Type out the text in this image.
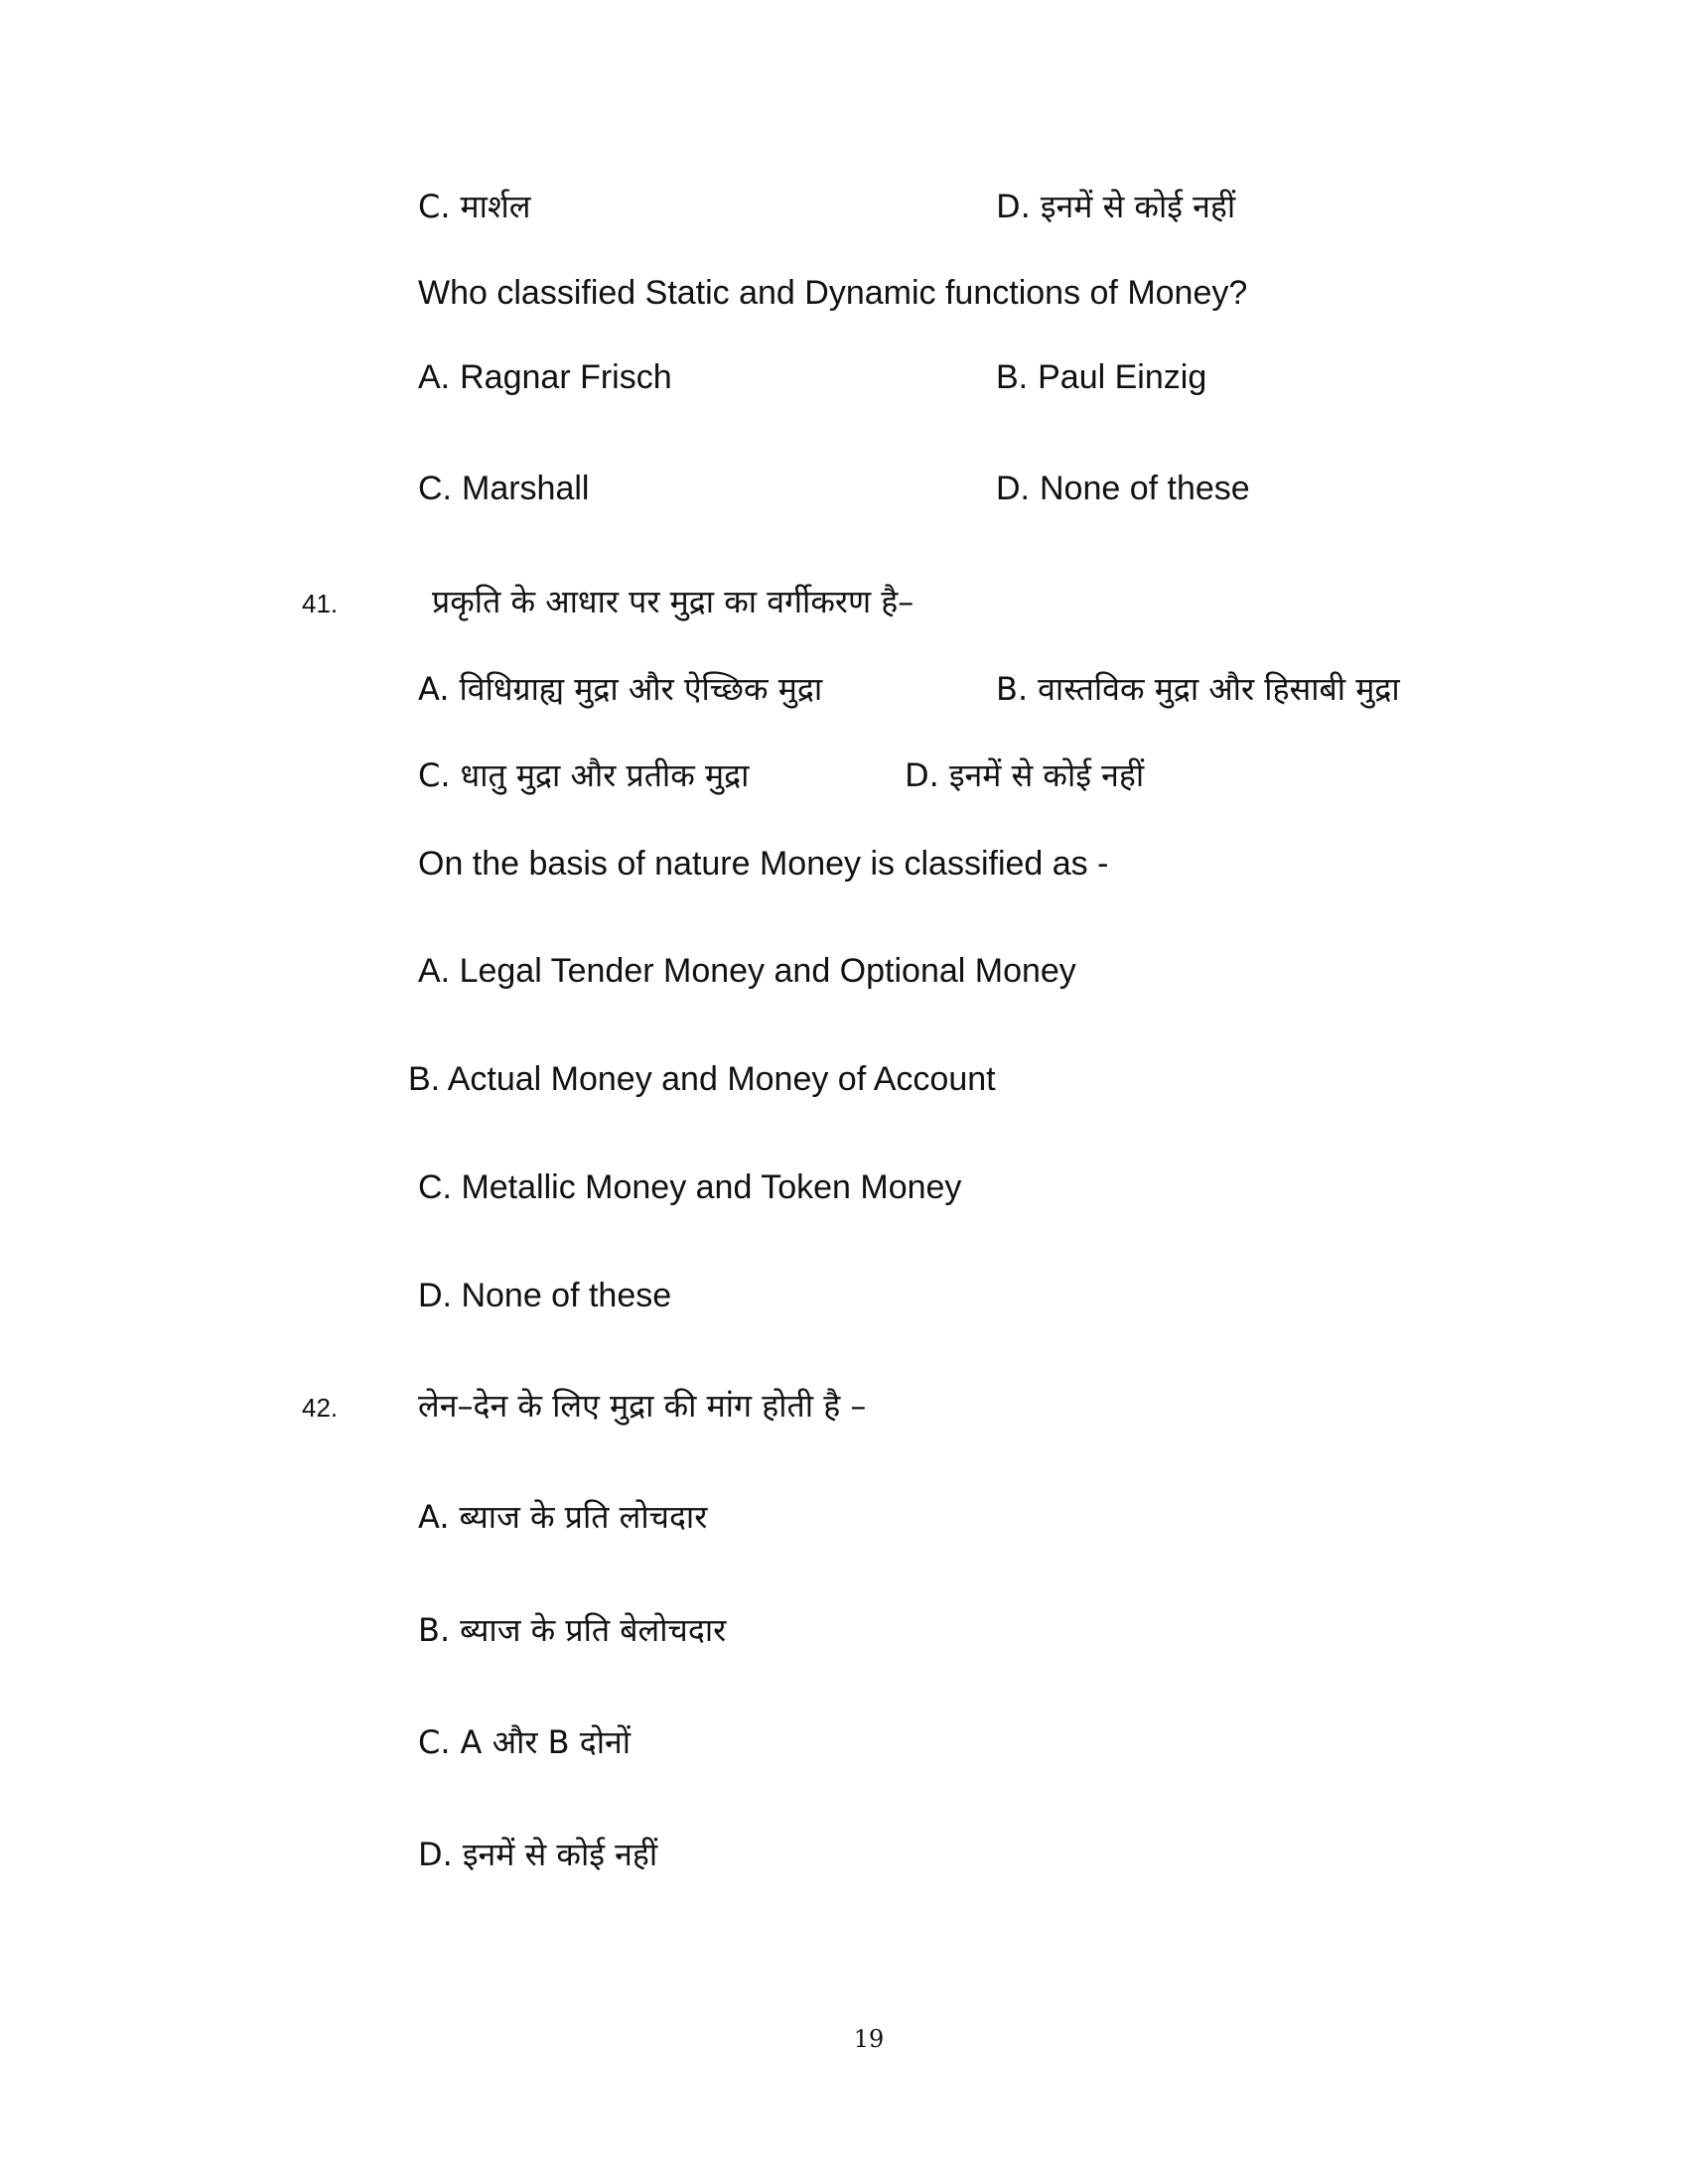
C. मार्शल	D. इनमें से कोई नहीं
Who classified Static and Dynamic functions of Money?
A. Ragnar Frisch	B. Paul Einzig
C. Marshall	D. None of these
41.	प्रकृति के आधार पर मुद्रा का वर्गीकरण है–
A. विधिग्राह्य मुद्रा और ऐच्छिक मुद्रा	B. वास्तविक मुद्रा और हिसाबी मुद्रा
C. धातु मुद्रा और प्रतीक मुद्रा	D. इनमें से कोई नहीं
On the basis of nature Money is classified as -
A. Legal Tender Money and Optional Money
B. Actual Money and Money of Account
C. Metallic Money and Token Money
D. None of these
42.	लेन–देन के लिए मुद्रा की मांग होती है –
A. ब्याज के प्रति लोचदार
B. ब्याज के प्रति बेलोचदार
C. A और B दोनों
D. इनमें से कोई नहीं
19
